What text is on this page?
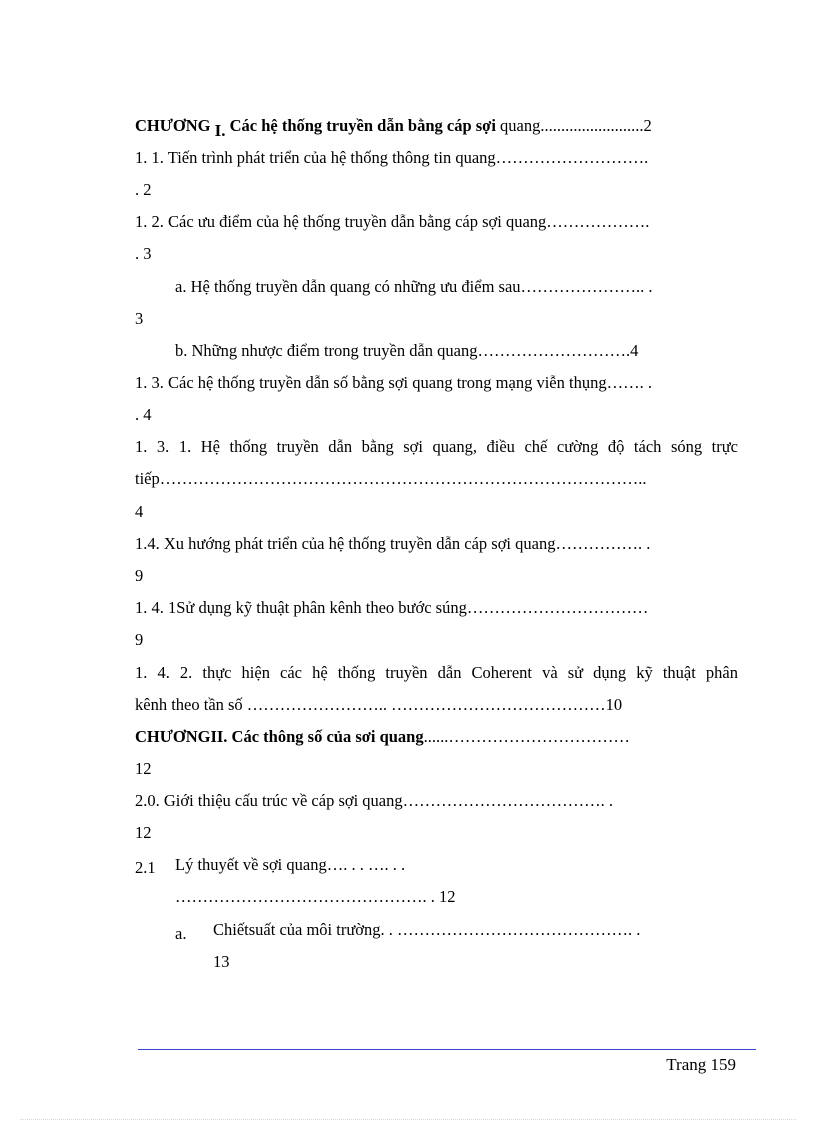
CHƯƠNG I. Các hệ thống truyền dẫn bằng cáp sợi quang.........................2
1. 1. Tiến trình phát triển của hệ thống thông tin quang……………………….
. 2
1. 2. Các ưu điểm của hệ thống truyền dẫn bằng cáp sợi quang……………….
. 3
a. Hệ thống truyền dẫn quang có những ưu điểm sau………………….. .
3
b. Những nhược điểm trong truyền dẫn quang……………………….4
1. 3. Các hệ thống truyền dẫn số bằng sợi quang trong mạng viễn thụng……. .
. 4
1. 3. 1. Hệ thống truyền dẫn bằng sợi quang, điều chế cường độ tách sóng trực
tiếp……………………………………………………………………………..
4
1.4. Xu hướng phát triển của hệ thống truyền dẫn cáp sợi quang……………. .
9
1. 4. 1Sử dụng kỹ thuật phân kênh theo bước súng……………………………
9
1. 4. 2. thực hiện các hệ thống truyền dẫn Coherent và sử dụng kỹ thuật phân
kênh theo tần số …………………….. …………………………………10
CHƯƠNGII. Các thông số của sơi quang......……………………………
12
2.0. Giới thiệu cấu trúc về cáp sợi quang………………………………. .
12
2.1	Lý thuyết về sợi quang…. . . …. . .
………………………………………. . 12
a.	Chiếtsuất của môi trường. . ……………………………………. .
13
Trang 159
